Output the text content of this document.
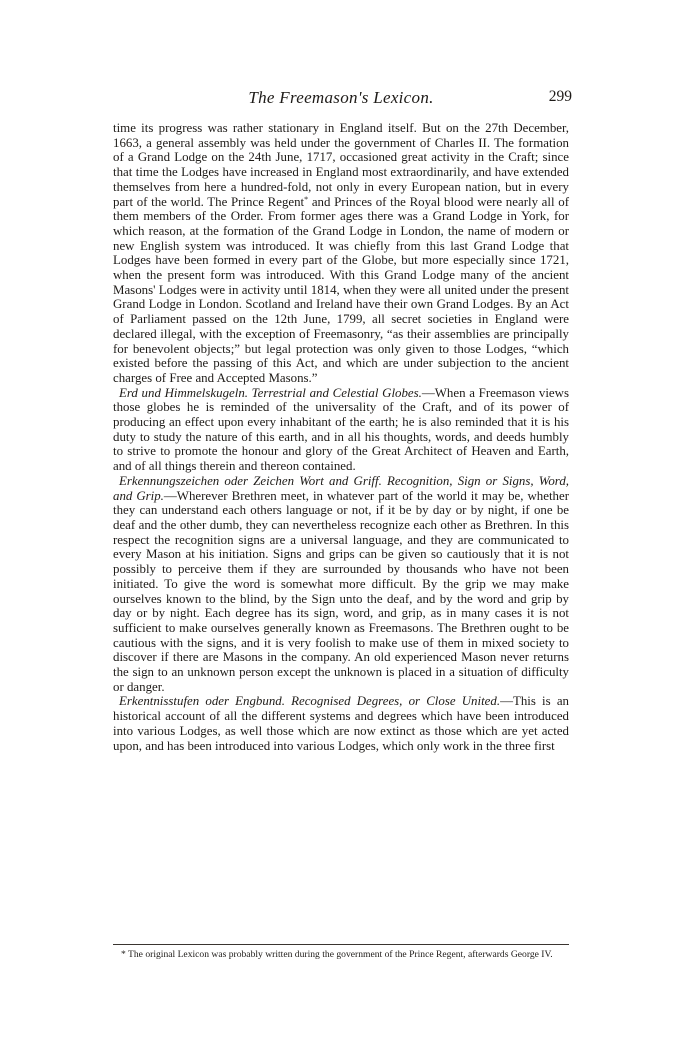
The Freemason's Lexicon.	299

time its progress was rather stationary in England itself. But on the 27th December, 1663, a general assembly was held under the government of Charles II. The formation of a Grand Lodge on the 24th June, 1717, occasioned great activity in the Craft; since that time the Lodges have increased in England most extraordinarily, and have extended themselves from here a hundred-fold, not only in every European nation, but in every part of the world. The Prince Regent* and Princes of the Royal blood were nearly all of them members of the Order. From former ages there was a Grand Lodge in York, for which reason, at the formation of the Grand Lodge in London, the name of modern or new English system was introduced. It was chiefly from this last Grand Lodge that Lodges have been formed in every part of the Globe, but more especially since 1721, when the present form was introduced. With this Grand Lodge many of the ancient Masons' Lodges were in activity until 1814, when they were all united under the present Grand Lodge in London. Scotland and Ireland have their own Grand Lodges. By an Act of Parliament passed on the 12th June, 1799, all secret societies in England were declared illegal, with the exception of Freemasonry, “as their assemblies are principally for benevolent objects;” but legal protection was only given to those Lodges, “which existed before the passing of this Act, and which are under subjection to the ancient charges of Free and Accepted Masons.”

Erd und Himmelskugeln. Terrestrial and Celestial Globes.—When a Freemason views those globes he is reminded of the universality of the Craft, and of its power of producing an effect upon every inhabitant of the earth; he is also reminded that it is his duty to study the nature of this earth, and in all his thoughts, words, and deeds humbly to strive to promote the honour and glory of the Great Architect of Heaven and Earth, and of all things therein and thereon contained.

Erkennungszeichen oder Zeichen Wort and Griff. Recognition, Sign or Signs, Word, and Grip.—Wherever Brethren meet, in whatever part of the world it may be, whether they can understand each others language or not, if it be by day or by night, if one be deaf and the other dumb, they can nevertheless recognize each other as Brethren. In this respect the recognition signs are a universal language, and they are communicated to every Mason at his initiation. Signs and grips can be given so cautiously that it is not possibly to perceive them if they are surrounded by thousands who have not been initiated. To give the word is somewhat more difficult. By the grip we may make ourselves known to the blind, by the Sign unto the deaf, and by the word and grip by day or by night. Each degree has its sign, word, and grip, as in many cases it is not sufficient to make ourselves generally known as Freemasons. The Brethren ought to be cautious with the signs, and it is very foolish to make use of them in mixed society to discover if there are Masons in the company. An old experienced Mason never returns the sign to an unknown person except the unknown is placed in a situation of difficulty or danger.

Erkentnisstufen oder Engbund. Recognised Degrees, or Close United.—This is an historical account of all the different systems and degrees which have been introduced into various Lodges, as well those which are now extinct as those which are yet acted upon, and has been introduced into various Lodges, which only work in the three first

* The original Lexicon was probably written during the government of the Prince Regent, afterwards George IV.
